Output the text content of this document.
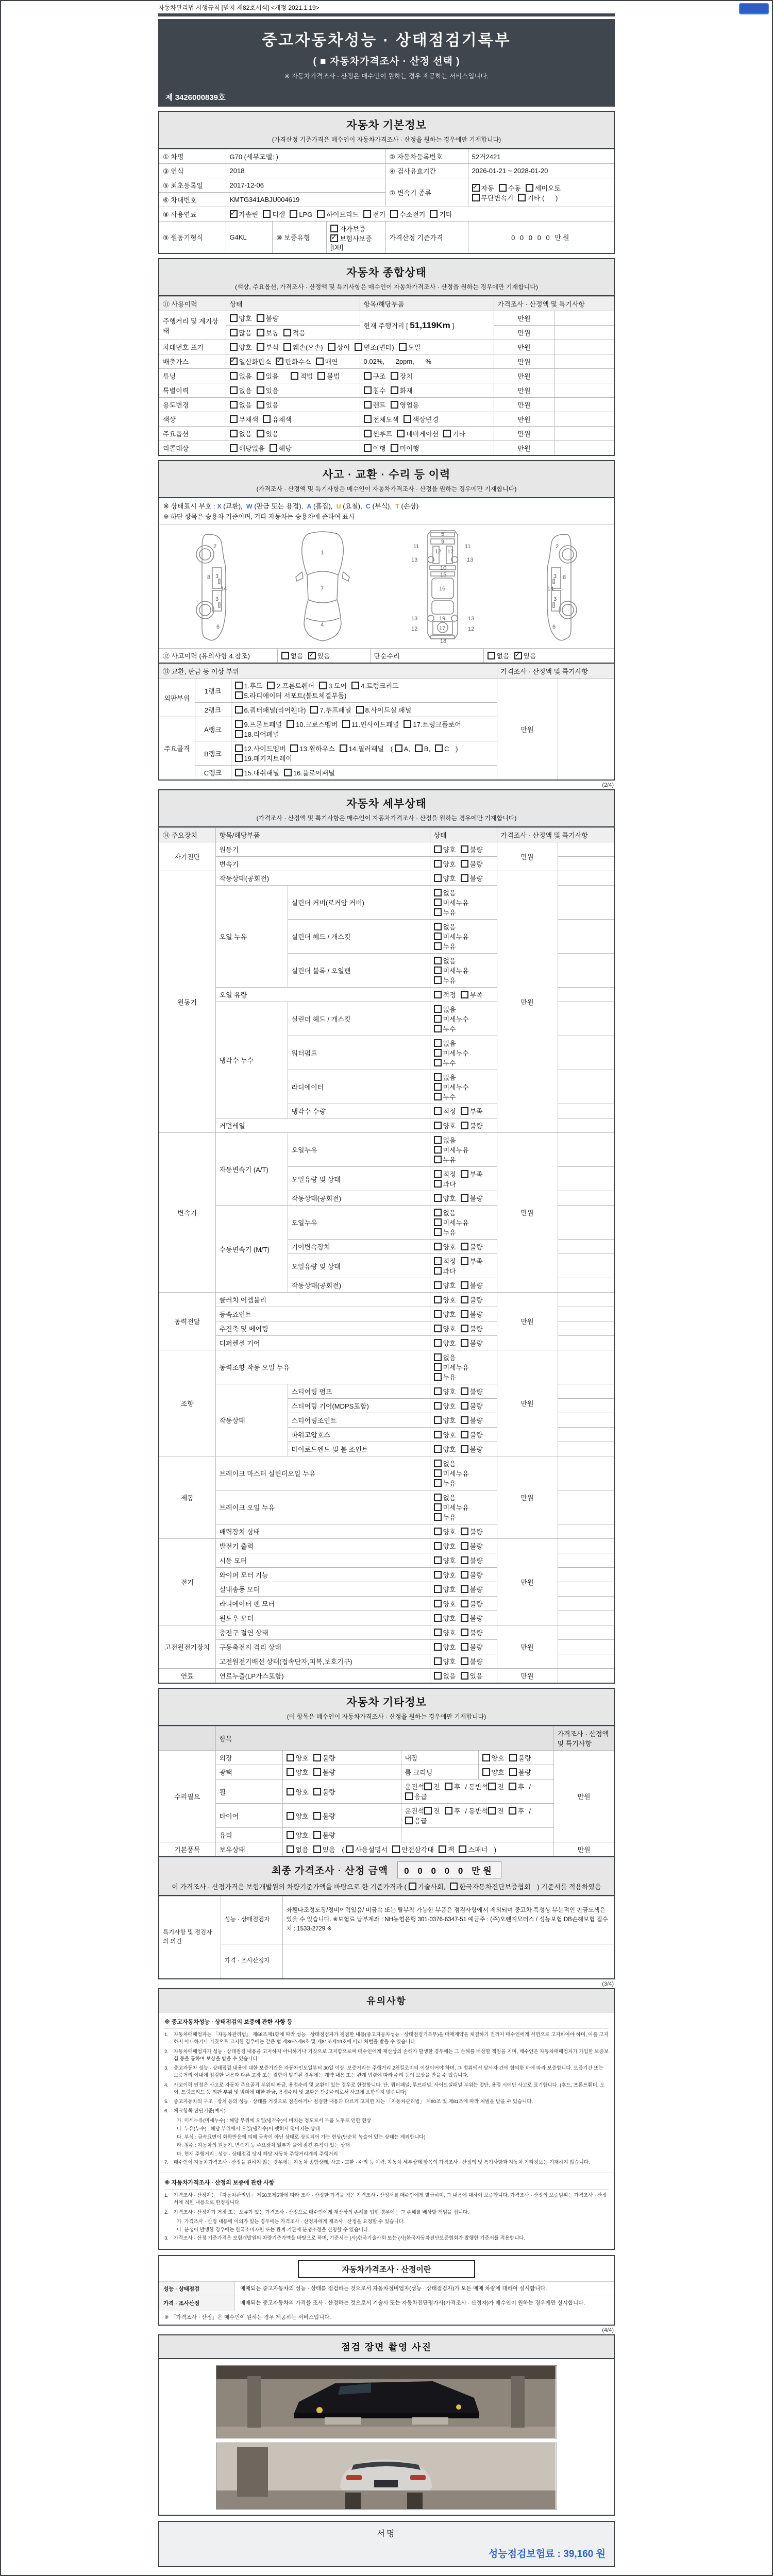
자동차관리법 시행규칙 [별지 제82호서식] <개정 2021.1.19>
중고자동차성능 · 상태점검기록부
( ■ 자동차가격조사 · 산정 선택 )
※ 자동차가격조사 · 산정은 매수인이 원하는 경우 제공하는 서비스입니다.
제 3426000839호
자동차 기본정보
(가격산정 기준가격은 매수인이 자동차가격조사 · 산정을 원하는 경우에만 기재합니다)
① 차명	G70 (세부모델: )	② 자동차등록번호	52거2421
③ 연식	2018	④ 검사유효기간	2026-01-21 ~ 2028-01-20
⑤ 최초등록일	2017-12-06	⑦ 변속기 종류	✓자동 수동 세미오토
무단변속기 기타 (      )
⑥ 차대번호	KMTG341ABJU004619
⑧ 사용연료	✓가솔린 디젤 LPG 하이브리드 전기 수소전기 기타
⑨ 원동기형식		G4KL	⑩ 보증유형	자가보증 ✓보험사보증 [DB]
	가격산정 기준가격	0 0 0 0 0 만원
자동차 종합상태
(색상, 주요옵션, 가격조사 · 산정액 및 특기사항은 매수인이 자동차가격조사 · 산정을 원하는 경우에만 기재합니다)
⑪ 사용이력	상태	항목/해당부품	가격조사 · 산정액 및 특기사항	
주행거리 및 계기상태	양호 불량	현재 주행거리 [ 51,119Km ]	만원	
	많음 보통 적음		만원	
차대번호 표기	양호 부식 훼손(오손) 상이 변조(변타) 도말		만원	
배출가스	✓일산화탄소 ✓ 탄화수소 매연	0.02%,      2ppm,      %	만원	
튜닝	없음 있음 적법 불법	구조 장치	만원	
특별이력	없음 있음	침수 화재	만원	
용도변경	없음 있음	렌트 영업용	만원	
색상	무채색 유채색	전체도색 색상변경	만원	
주요옵션	없음 있음	썬루프 네비게이션 기타	만원	
리콜대상	해당없음 해당	이행 미이행	만원	
사고 · 교환 · 수리 등 이력
(가격조사 · 산정액 및 특기사항은 매수인이 자동차가격조사 · 산정을 원하는 경우에만 기재합니다)
※ 상태표시 부호 : X (교환),  W (판금 또는 용접),  A (흠집),  U (요철),  C (부식),  T (손상)
※ 하단 항목은 승용차 기준이며, 기타 자동차는 승용차에 준하여 표시
2
8 3
14
3
6
1
7
4
11	11
13	13
12 12
5
9
10
15
16
19
13	13
12	12
17
18
2
8
3
14
3
6
⑫ 사고이력 (유의사항 4.참조)	없음 ✓ 있음	단순수리	없음 ✓ 있음
⑬ 교환, 판금 등 이상 부위			가격조사 · 산정액 및 특기사항	
외판부위	1랭크	1.후드 2.프론트휀더 3.도어 4.트렁크리드
5.라디에이터 서포트(볼트체결부품)	만원	
	2랭크	6.쿼터패널(리어휀다) 7.루프패널 8.사이드실 패널		
주요골격	A랭크	9.프론트패널 10.크로스멤버 11.인사이드패널 17.트렁크플로어
18.리어패널		
	B랭크	12.사이드멤버 13.휠하우스 14.필러패널 ( A, B, C )
19.패키지트레이		
	C랭크	15.대쉬패널 16.플로어패널		
(2/4)
자동차 세부상태
(가격조사 · 산정액 및 특기사항은 매수인이 자동차가격조사 · 산정을 원하는 경우에만 기재합니다)
⑭ 주요장치	항목/해당부품		상태	가격조사 · 산정액 및 특기사항	
자기진단	원동기		양호 불량	만원	
	변속기		양호 불량		
원동기	작동상태(공회전)		양호 불량	만원	
	오일 누유	실린더 커버(로커암 커버)	없음미세누유누유		
		실린더 헤드 / 개스킷	없음미세누유누유		
		실린더 블록 / 오일팬	없음미세누유누유		
	오일 유량		적정 부족		
	냉각수 누수	실린더 헤드 / 개스킷	없음미세누수누수		
		워터펌프	없음미세누수누수		
		라디에이터	없음미세누수누수		
		냉각수 수량	적정 부족		
	커먼레일		양호 불량		
변속기	자동변속기 (A/T)	오일누유	없음미세누유누유	만원	
		오일유량 및 상태	적정 부족과다		
		작동상태(공회전)	양호 불량		
	수동변속기 (M/T)	오일누유	없음미세누유누유		
		기어변속장치	양호 불량		
		오일유량 및 상태	적정 부족과다		
		작동상태(공회전)	양호 불량		
동력전달	클러치 어셈블리		양호 불량	만원	
	등속죠인트		양호 불량		
	추진축 및 베어링		양호 불량		
	디퍼렌셜 기어		양호 불량		
조향	동력조향 작동 오일 누유		없음미세누유누유	만원	
	작동상태	스티어링 펌프	양호 불량		
		스티어링 기어(MDPS포함)	양호 불량		
		스티어링조인트	양호 불량		
		파워고압호스	양호 불량		
		타이로드엔드 및 볼 조인트	양호 불량		
제동	브레이크 마스터 실린더오일 누유		없음미세누유누유	만원	
	브레이크 오일 누유		없음미세누유누유		
	배력장치 상태		양호 불량		
전기	발전기 출력		양호 불량	만원	
	시동 모터		양호 불량		
	와이퍼 모터 기능		양호 불량		
	실내송풍 모터		양호 불량		
	라디에이터 팬 모터		양호 불량		
	윈도우 모터		양호 불량		
고전원전기장치	충전구 절연 상태		양호 불량	만원	
	구동축전지 격리 상태		양호 불량		
	고전원전기배선 상태(접속단자,피복,보호기구)		양호 불량		
연료	연료누출(LP가스포함)		없음 있음	만원	
자동차 기타정보
(이 항목은 매수인이 자동차가격조사 · 산정을 원하는 경우에만 기재합니다)
	항목				가격조사 · 산정액 및 특기사항	
수리필요	외장	양호 불량	내장	양호 불량	만원	
	광택	양호 불량	룸 크리닝	양호 불량		
	휠	양호 불량	운전석 전 후 / 동반석 전 후 / 응급			
	타이어	양호 불량	운전석 전 후 / 동반석 전 후 / 응급			
	유리	양호 불량				
기본품목	보유상태	없음 있음 ( 사용설명서 안전삼각대 잭 스패너 )			만원	
최종 가격조사 · 산정 금액	0 0 0 0 0 만원
이 가격조사 · 산정가격은 보험개발원의 차량기준가액을 바탕으로 한 기준가격과 ( 기술사회, 한국자동차진단보증협회 ) 기준서를 적용하였음
특기사항 및 점검자의 의견	성능 · 상태점검자	좌휀다조정도장/정비이력있음/ 비금속 또는 탈부착 가능한 부품은 점검사항에서 제외되며 중고차 특성상 부분적인 판금도색은 있을 수 있습니다. ※보험료 납부계좌 : NH농협은행 301-0376-6347-51 예금주 : (주)오렌지모터스 / 성능보험 DB손해보험 접수처 : 1533-2729 ※
	가격 · 조사산정자	
(3/4)
유의사항
※ 중고자동차성능 · 상태점검의 보증에 관한 사항 등
1.	자동차매매업자는 「자동차관리법」 제58조제1항에 따라 성능 · 상태점검자가 점검한 내용(중고자동차성능 · 상태점검기록부)을 매매계약을 체결하기 전까지 매수인에게 서면으로 고지하여야 하며, 이를 고지하지 아니하거나 거짓으로 고지한 경우에는 같은 법 제80조제6호 및 제81조제19호에 따라 처벌을 받을 수 있습니다.
2.	자동차매매업자가 성능 · 상태점검 내용을 고지하지 아니하거나 거짓으로 고지함으로써 매수인에게 재산상의 손해가 발생한 경우에는 그 손해를 배상할 책임을 지며, 매수인은 자동차매매업자가 가입한 보증보험 등을 통하여 보상을 받을 수 있습니다.
3.	중고자동차 성능 · 상태점검 내용에 대한 보증기간은 자동차인도일부터 30일 이상, 보증거리는 주행거리 2천킬로미터 이상이어야 하며, 그 범위에서 당사자 간에 합의한 바에 따라 보증합니다. 보증기간 또는 보증거리 이내에 점검한 내용과 다른 고장 또는 결함이 발견된 경우에는 계약 내용 또는 관계 법령에 따라 수리 등의 보상을 받을 수 있습니다.
4.	사고이력 인정은 사고로 자동차 주요골격 부위의 판금, 용접수리 및 교환이 있는 경우로 한정합니다. 단, 쿼터패널, 루프패널, 사이드실패널 부위는 절단, 용접 시에만 사고로 표기합니다. (후드, 프론트휀더, 도어, 트렁크리드 등 외판 부위 및 범퍼에 대한 판금, 용접수리 및 교환은 단순수리로서 사고에 포함되지 않습니다)
5.	중고자동차의 구조 · 장치 등의 성능 · 상태를 거짓으로 점검하거나 점검한 내용과 다르게 고지한 자는 「자동차관리법」 제80조 및 제81조에 따라 처벌을 받을 수 있습니다.
6.	체크항목 판단기준(예시)
가. 미세누유(미세누수) : 해당 부위에 오일(냉각수)이 비치는 정도로서 부품 노후로 인한 현상
나. 누유(누수) : 해당 부위에서 오일(냉각수)이 맺혀서 떨어지는 상태
다. 부식 : 금속표면이 화학반응에 의해 금속이 아닌 상태로 상실되어 가는 현상(단순히 녹슬어 있는 상태는 제외합니다)
라. 침수 : 자동차의 원동기, 변속기 등 주요장치 일부가 물에 잠긴 흔적이 있는 상태
마. 현재 주행거리 : 성능 · 상태점검 당시 해당 자동차 주행거리계의 주행거리
7.	매수인이 자동차가격조사 · 산정을 원하지 않는 경우에는 자동차 종합상태, 사고 · 교환 · 수리 등 이력, 자동차 세부상태 항목의 가격조사 · 산정액 및 특기사항과 자동차 기타정보는 기재하지 않습니다.
※ 자동차가격조사 · 산정의 보증에 관한 사항
1.	가격조사 · 산정자는 「자동차관리법」 제58조제5항에 따라 조사 · 산정한 가격을 적은 가격조사 · 산정서를 매수인에게 발급하며, 그 내용에 대하여 보증합니다. 가격조사 · 산정의 보증범위는 가격조사 · 산정서에 적힌 내용으로 한정됩니다.
2.	가격조사 · 산정자가 거짓 또는 오류가 있는 가격조사 · 산정으로 매수인에게 재산상의 손해를 입힌 경우에는 그 손해를 배상할 책임을 집니다.
가. 가격조사 · 산정 내용에 이의가 있는 경우에는 가격조사 · 산정자에게 재조사 · 산정을 요청할 수 있습니다.
나. 분쟁이 발생한 경우에는 한국소비자원 또는 관계 기관에 분쟁조정을 신청할 수 있습니다.
3.	가격조사 · 산정 기준가격은 보험개발원의 차량기준가액을 바탕으로 하며, 기준서는 (사)한국기술사회 또는 (사)한국자동차진단보증협회가 발행한 기준서를 적용합니다.
자동차가격조사 · 산정이란
성능 · 상태점검	매매되는 중고자동차의 성능 · 상태를 점검하는 것으로서 자동차정비업자(성능 · 상태점검자)가 모든 매매 차량에 대하여 실시합니다.
가격 · 조사산정	매매되는 중고자동차의 가격을 조사 · 산정하는 것으로서 기술사 또는 자동차진단평가사(가격조사 · 산정자)가 매수인이 원하는 경우에만 실시합니다.
※ 「가격조사 · 산정」은 매수인이 원하는 경우 제공하는 서비스입니다.
(4/4)
점검 장면 촬영 사진
서명
성능점검보험료 : 39,160 원
